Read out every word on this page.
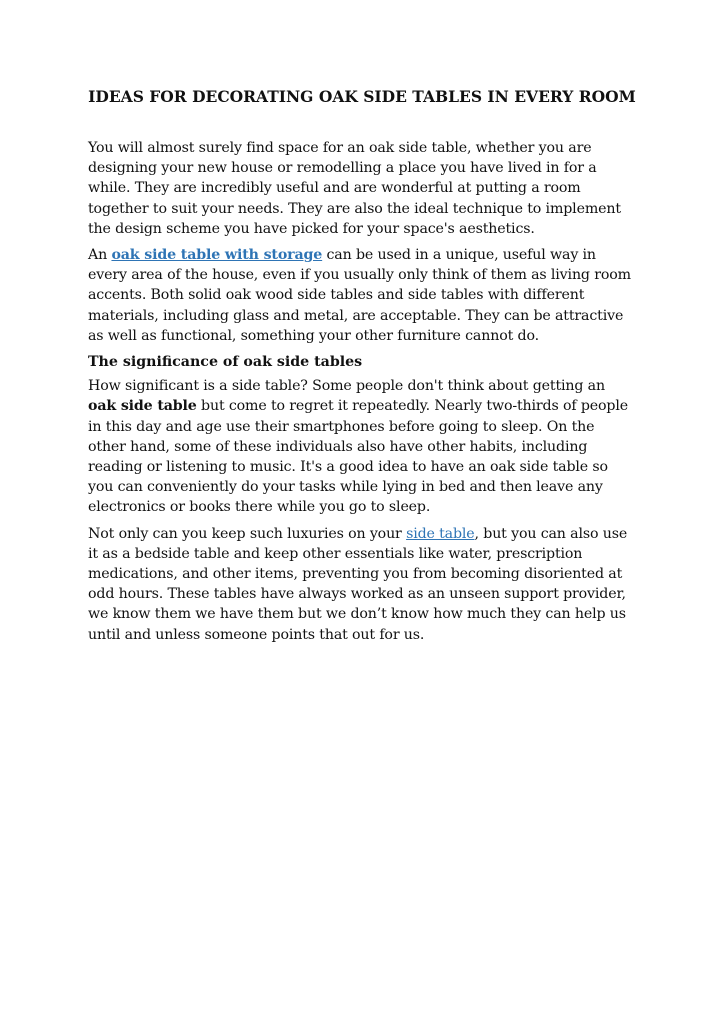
IDEAS FOR DECORATING OAK SIDE TABLES IN EVERY ROOM

You will almost surely find space for an oak side table, whether you are designing your new house or remodelling a place you have lived in for a while. They are incredibly useful and are wonderful at putting a room together to suit your needs. They are also the ideal technique to implement the design scheme you have picked for your space's aesthetics.

An oak side table with storage can be used in a unique, useful way in every area of the house, even if you usually only think of them as living room accents. Both solid oak wood side tables and side tables with different materials, including glass and metal, are acceptable. They can be attractive as well as functional, something your other furniture cannot do.

The significance of oak side tables

How significant is a side table? Some people don't think about getting an oak side table but come to regret it repeatedly. Nearly two-thirds of people in this day and age use their smartphones before going to sleep. On the other hand, some of these individuals also have other habits, including reading or listening to music. It's a good idea to have an oak side table so you can conveniently do your tasks while lying in bed and then leave any electronics or books there while you go to sleep.

Not only can you keep such luxuries on your side table, but you can also use it as a bedside table and keep other essentials like water, prescription medications, and other items, preventing you from becoming disoriented at odd hours. These tables have always worked as an unseen support provider, we know them we have them but we don’t know how much they can help us until and unless someone points that out for us.
